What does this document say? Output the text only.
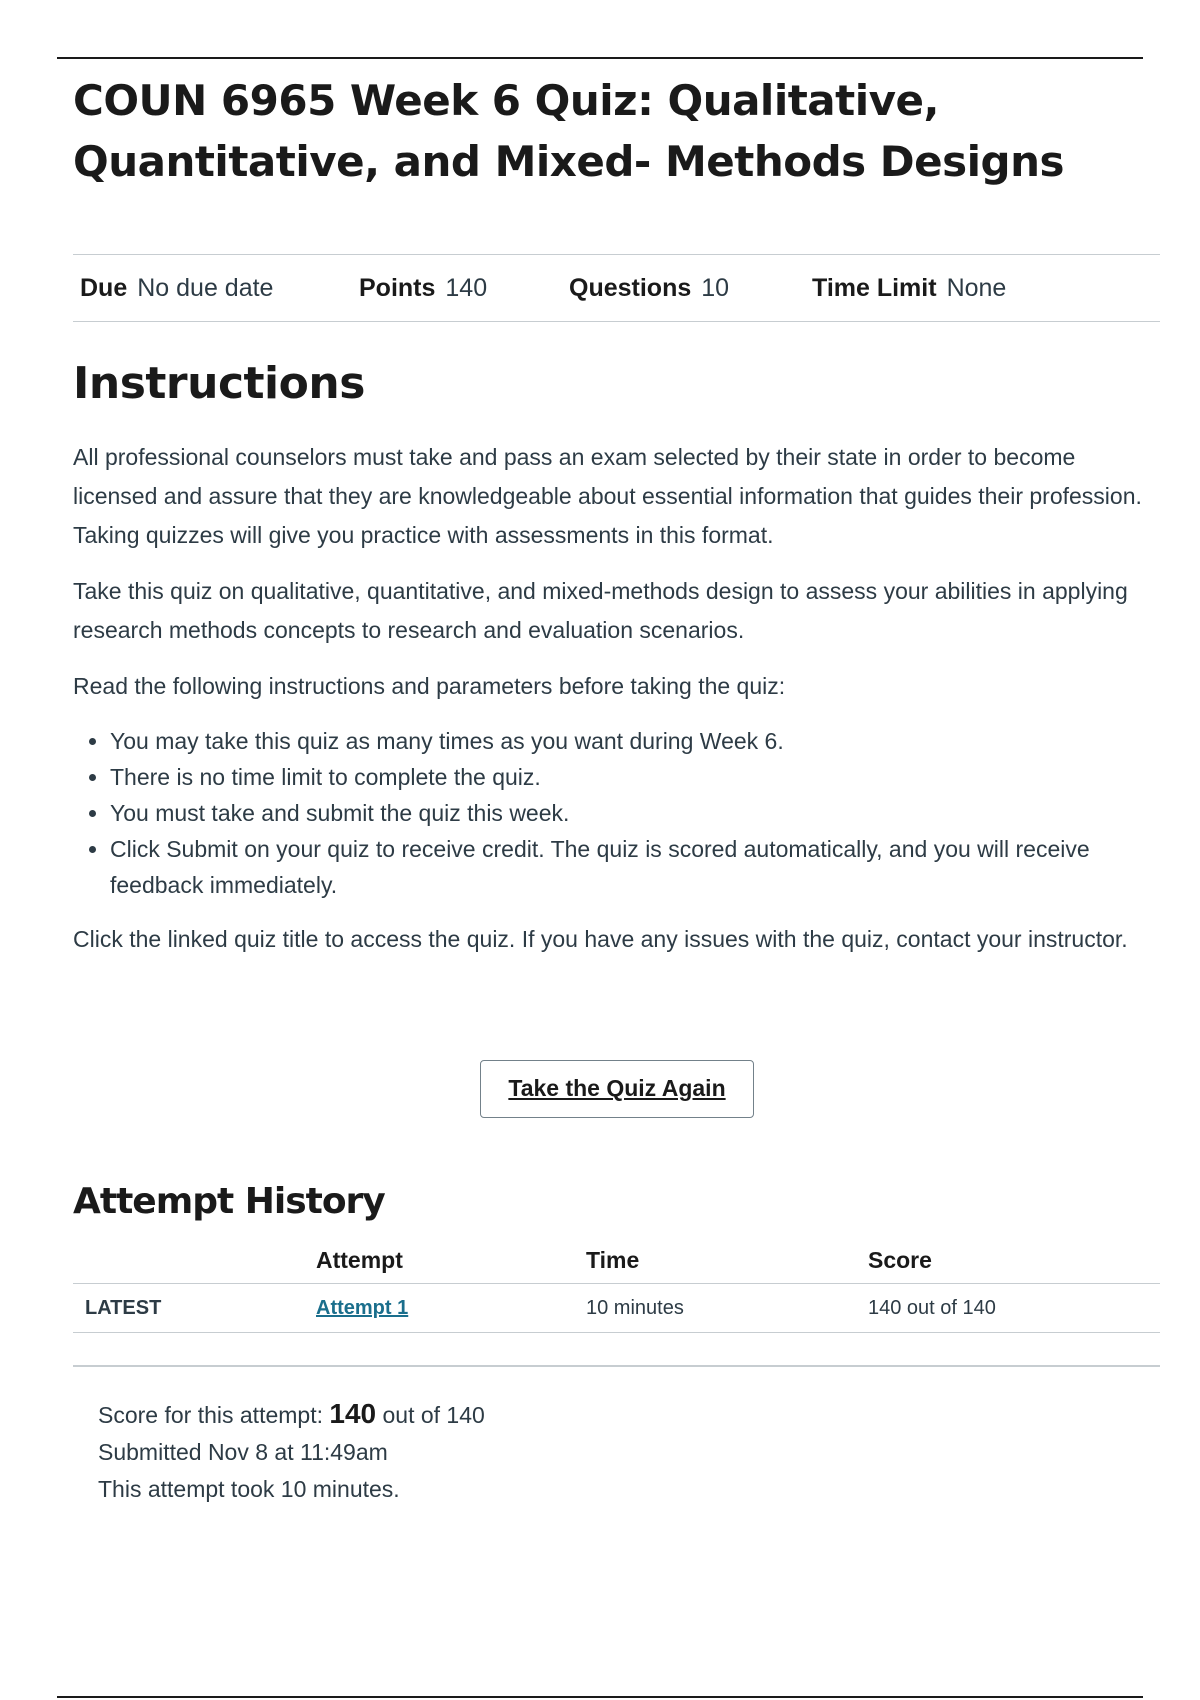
COUN 6965 Week 6 Quiz: Qualitative, Quantitative, and Mixed- Methods Designs
Due No due date	Points 140	Questions 10	Time Limit None
Instructions

All professional counselors must take and pass an exam selected by their state in order to become licensed and assure that they are knowledgeable about essential information that guides their profession. Taking quizzes will give you practice with assessments in this format.

Take this quiz on qualitative, quantitative, and mixed-methods design to assess your abilities in applying research methods concepts to research and evaluation scenarios.

Read the following instructions and parameters before taking the quiz:

• You may take this quiz as many times as you want during Week 6.
• There is no time limit to complete the quiz.
• You must take and submit the quiz this week.
• Click Submit on your quiz to receive credit. The quiz is scored automatically, and you will receive feedback immediately.

Click the linked quiz title to access the quiz. If you have any issues with the quiz, contact your instructor.

Take the Quiz Again
Attempt History
	Attempt	Time	Score
LATEST	Attempt 1	10 minutes	140 out of 140
Score for this attempt: 140 out of 140
Submitted Nov 8 at 11:49am
This attempt took 10 minutes.
